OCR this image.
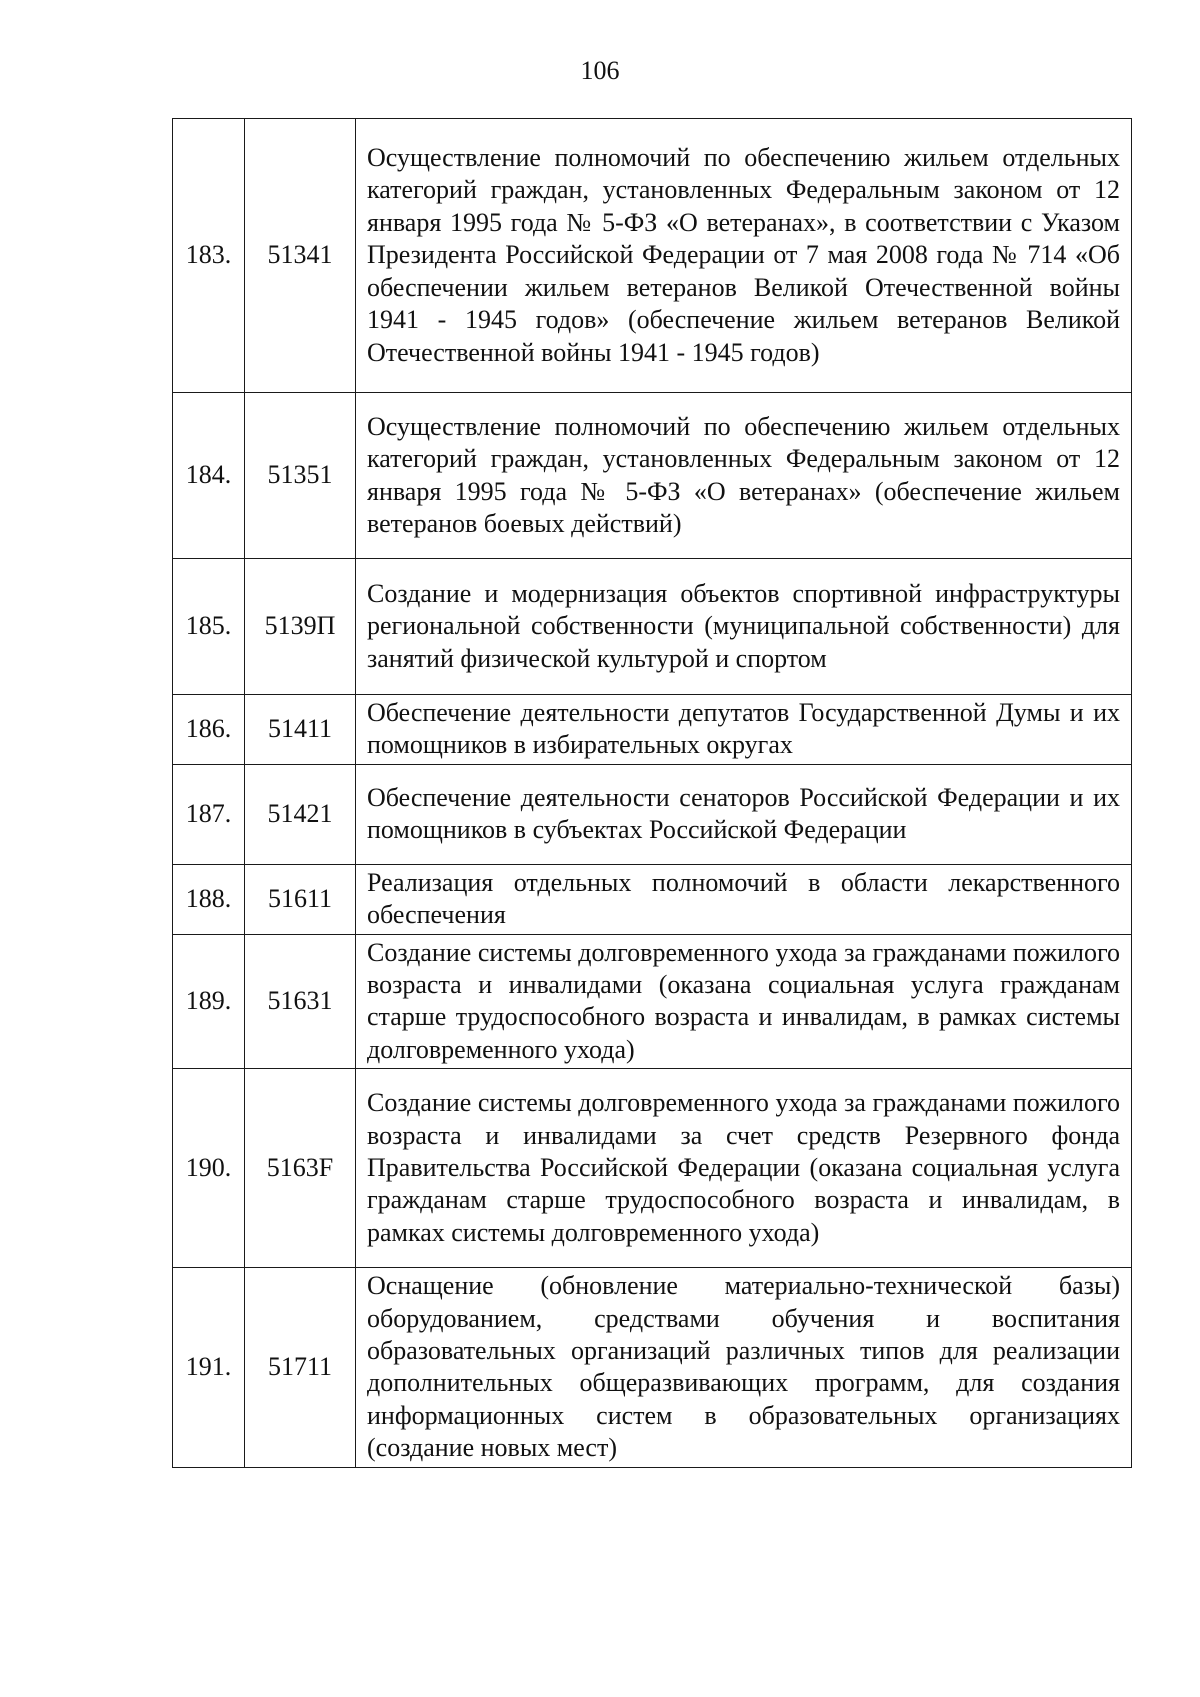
106
183.	51341	Осуществление полномочий по обеспечению жильем отдельных категорий граждан, установленных Федеральным законом от 12 января 1995 года № 5-ФЗ «О ветеранах», в соответствии с Указом Президента Российской Федерации от 7 мая 2008 года № 714 «Об обеспечении жильем ветеранов Великой Отечественной войны 1941 - 1945 годов» (обеспечение жильем ветеранов Великой Отечественной войны 1941 - 1945 годов)
184.	51351	Осуществление полномочий по обеспечению жильем отдельных категорий граждан, установленных Федеральным законом от 12 января 1995 года № 5-ФЗ «О ветеранах» (обеспечение жильем ветеранов боевых действий)
185.	5139П	Создание и модернизация объектов спортивной инфраструктуры региональной собственности (муниципальной собственности) для занятий физической культурой и спортом
186.	51411	Обеспечение деятельности депутатов Государственной Думы и их помощников в избирательных округах
187.	51421	Обеспечение деятельности сенаторов Российской Федерации и их помощников в субъектах Российской Федерации
188.	51611	Реализация отдельных полномочий в области лекарственного обеспечения
189.	51631	Создание системы долговременного ухода за гражданами пожилого возраста и инвалидами (оказана социальная услуга гражданам старше трудоспособного возраста и инвалидам, в рамках системы долговременного ухода)
190.	5163F	Создание системы долговременного ухода за гражданами пожилого возраста и инвалидами за счет средств Резервного фонда Правительства Российской Федерации (оказана социальная услуга гражданам старше трудоспособного возраста и инвалидам, в рамках системы долговременного ухода)
191.	51711	Оснащение (обновление материально-технической базы) оборудованием, средствами обучения и воспитания образовательных организаций различных типов для реализации дополнительных общеразвивающих программ, для создания информационных систем в образовательных организациях (создание новых мест)
